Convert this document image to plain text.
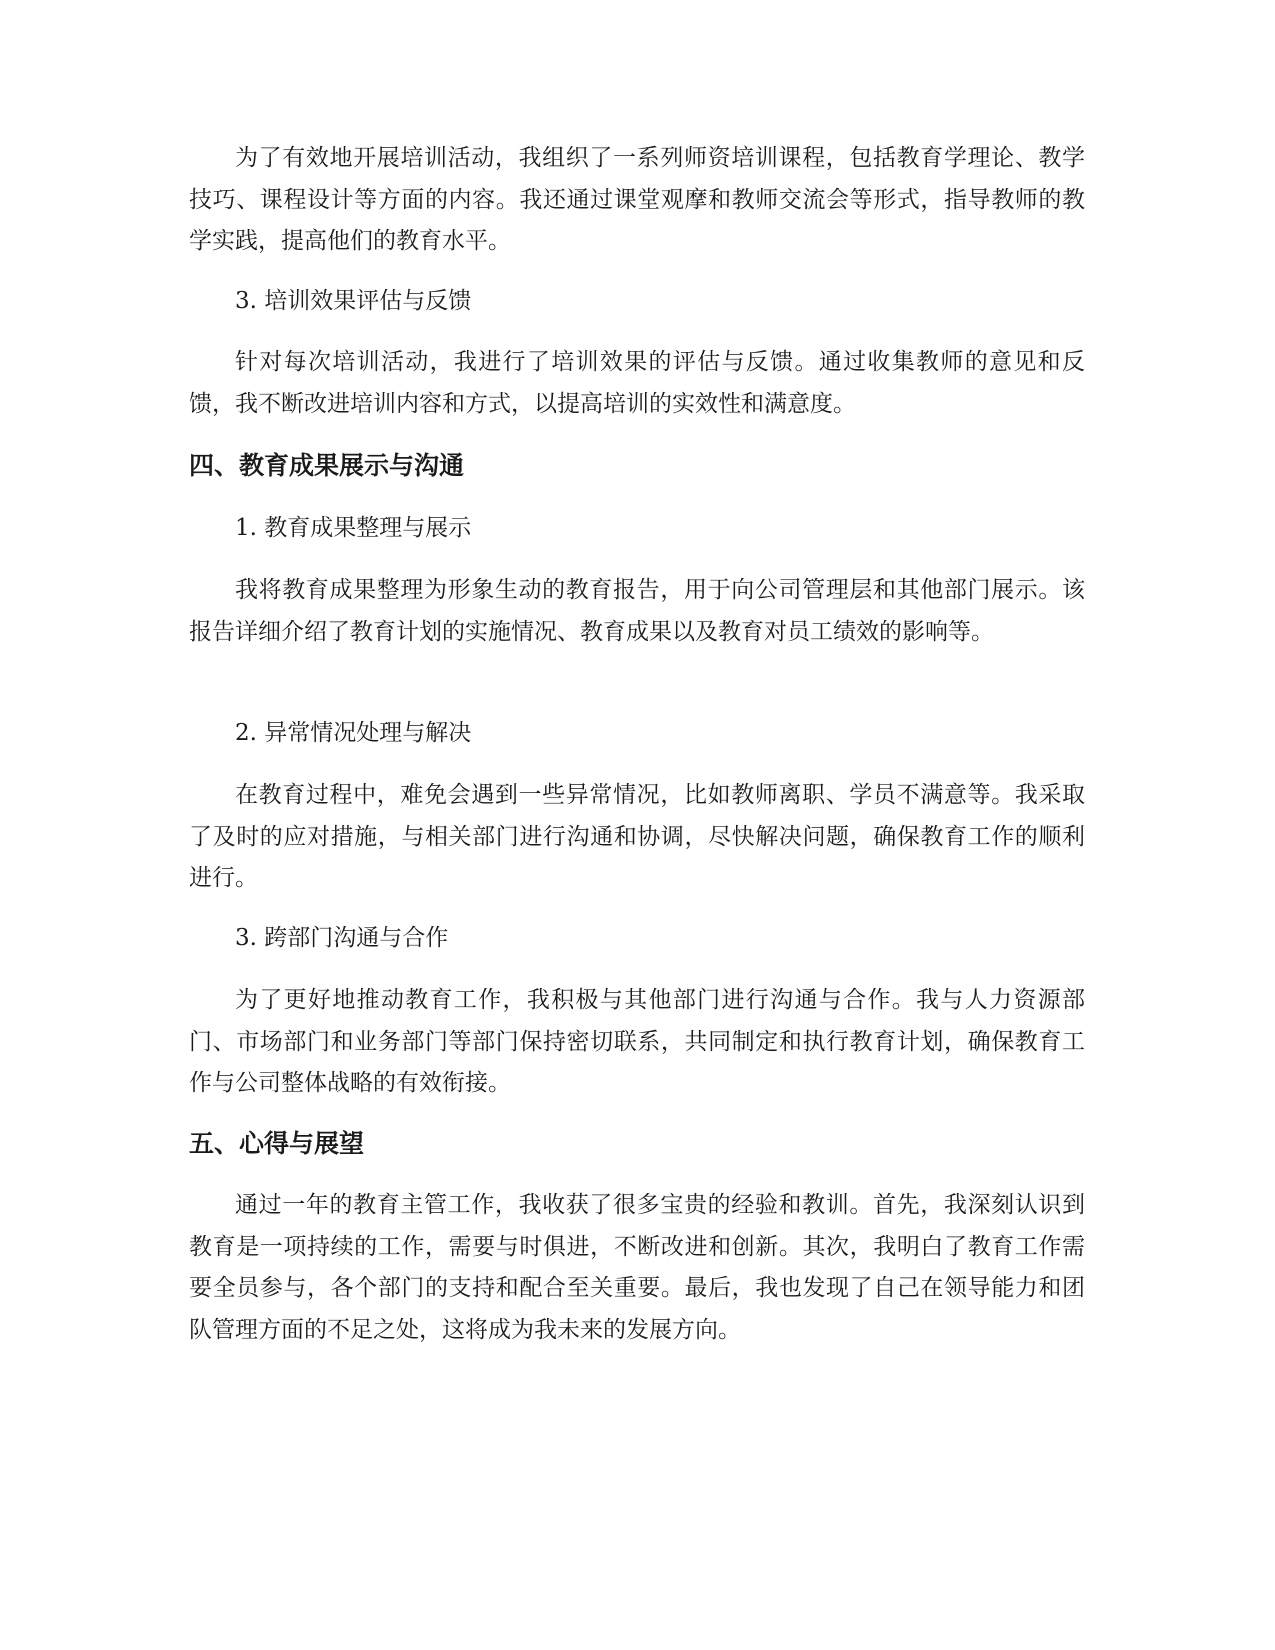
为了有效地开展培训活动，我组织了一系列师资培训课程，包括教育学理论、教学技巧、课程设计等方面的内容。我还通过课堂观摩和教师交流会等形式，指导教师的教学实践，提高他们的教育水平。

3. 培训效果评估与反馈

针对每次培训活动，我进行了培训效果的评估与反馈。通过收集教师的意见和反馈，我不断改进培训内容和方式，以提高培训的实效性和满意度。

四、教育成果展示与沟通

1. 教育成果整理与展示

我将教育成果整理为形象生动的教育报告，用于向公司管理层和其他部门展示。该报告详细介绍了教育计划的实施情况、教育成果以及教育对员工绩效的影响等。

2. 异常情况处理与解决

在教育过程中，难免会遇到一些异常情况，比如教师离职、学员不满意等。我采取了及时的应对措施，与相关部门进行沟通和协调，尽快解决问题，确保教育工作的顺利进行。

3. 跨部门沟通与合作

为了更好地推动教育工作，我积极与其他部门进行沟通与合作。我与人力资源部门、市场部门和业务部门等部门保持密切联系，共同制定和执行教育计划，确保教育工作与公司整体战略的有效衔接。

五、心得与展望

通过一年的教育主管工作，我收获了很多宝贵的经验和教训。首先，我深刻认识到教育是一项持续的工作，需要与时俱进，不断改进和创新。其次，我明白了教育工作需要全员参与，各个部门的支持和配合至关重要。最后，我也发现了自己在领导能力和团队管理方面的不足之处，这将成为我未来的发展方向。
